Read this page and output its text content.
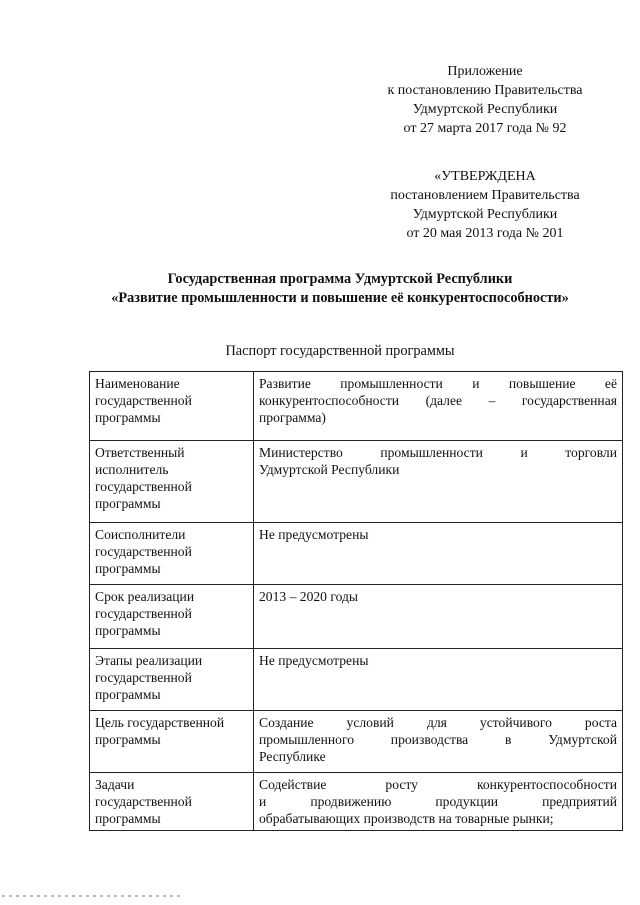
Приложение
к постановлению Правительства
Удмуртской Республики
от 27 марта 2017 года № 92
«УТВЕРЖДЕНА
постановлением Правительства
Удмуртской Республики
от 20 мая 2013 года № 201
Государственная программа Удмуртской Республики
«Развитие промышленности и повышение её конкурентоспособности»
Паспорт государственной программы
Наименование
государственной
программы	Развитие промышленности и повышение её
конкурентоспособности (далее – государственная
программа)

Ответственный
исполнитель
государственной
программы	Министерство промышленности и торговли
Удмуртской Республики

Соисполнители
государственной
программы	Не предусмотрены

Срок реализации
государственной
программы	2013 – 2020 годы

Этапы реализации
государственной
программы	Не предусмотрены

Цель государственной
программы	Создание условий для устойчивого роста
промышленного производства в Удмуртской
Республике

Задачи
государственной
программы	Содействие росту конкурентоспособности
и продвижению продукции предприятий
обрабатывающих производств на товарные рынки;
